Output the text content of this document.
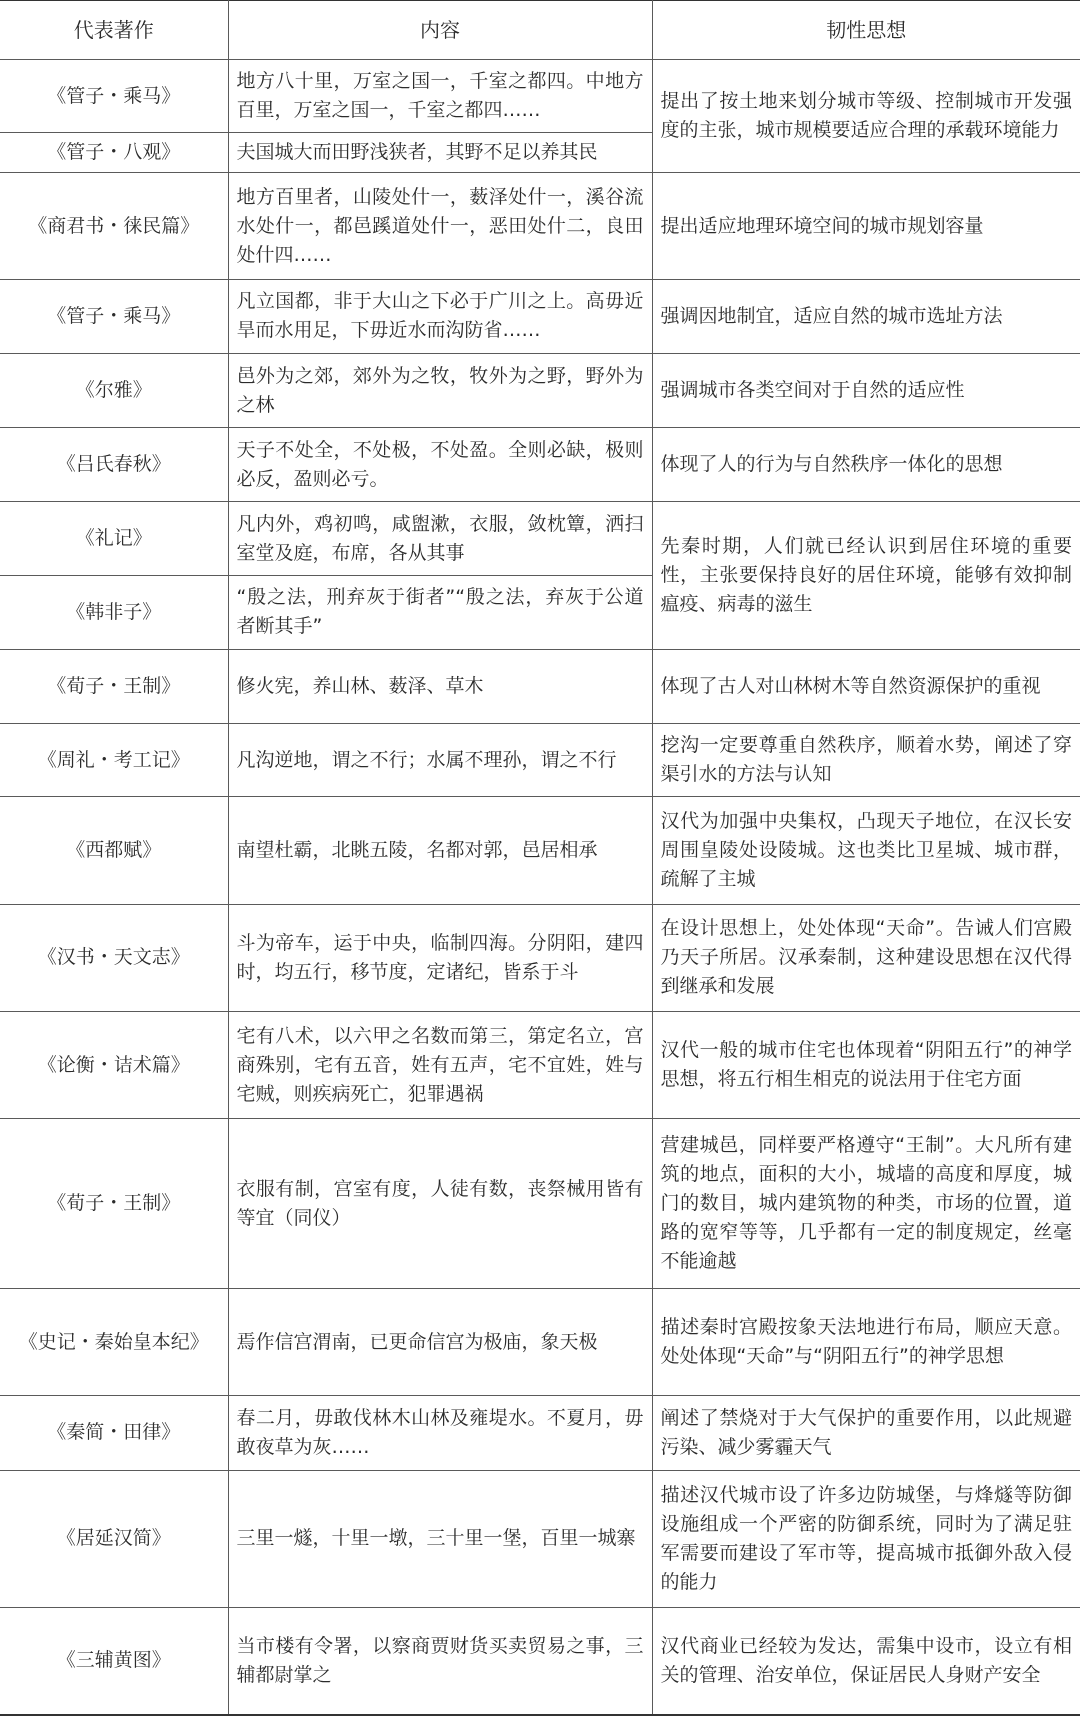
代表著作	内容	韧性思想
《管子・乘马》	地方八十里，万室之国一，千室之都四。中地方百里，万室之国一，千室之都四……	提出了按土地来划分城市等级、控制城市开发强度的主张，城市规模要适应合理的承载环境能力
《管子・八观》	夫国城大而田野浅狭者，其野不足以养其民	
《商君书・徕民篇》	地方百里者，山陵处什一，薮泽处什一，溪谷流水处什一，都邑蹊道处什一，恶田处什二，良田处什四……	提出适应地理环境空间的城市规划容量
《管子・乘马》	凡立国都，非于大山之下必于广川之上。高毋近旱而水用足，下毋近水而沟防省……	强调因地制宜，适应自然的城市选址方法
《尔雅》	邑外为之郊，郊外为之牧，牧外为之野，野外为之林	强调城市各类空间对于自然的适应性
《吕氏春秋》	天子不处全，不处极，不处盈。全则必缺，极则必反，盈则必亏。	体现了人的行为与自然秩序一体化的思想
《礼记》	凡内外，鸡初鸣，咸盥漱，衣服，敛枕簟，洒扫室堂及庭，布席，各从其事	先秦时期，人们就已经认识到居住环境的重要性，主张要保持良好的居住环境，能够有效抑制瘟疫、病毒的滋生
《韩非子》	“殷之法，刑弃灰于街者”“殷之法，弃灰于公道者断其手”	
《荀子・王制》	修火宪，养山林、薮泽、草木	体现了古人对山林树木等自然资源保护的重视
《周礼・考工记》	凡沟逆地，谓之不行；水属不理孙，谓之不行	挖沟一定要尊重自然秩序，顺着水势，阐述了穿渠引水的方法与认知
《西都赋》	南望杜霸，北眺五陵，名都对郭，邑居相承	汉代为加强中央集权，凸现天子地位，在汉长安周围皇陵处设陵城。这也类比卫星城、城市群，疏解了主城
《汉书・天文志》	斗为帝车，运于中央，临制四海。分阴阳，建四时，均五行，移节度，定诸纪，皆系于斗	在设计思想上，处处体现“天命”。告诫人们宫殿乃天子所居。汉承秦制，这种建设思想在汉代得到继承和发展
《论衡・诘术篇》	宅有八术，以六甲之名数而第三，第定名立，宫商殊别，宅有五音，姓有五声，宅不宜姓，姓与宅贼，则疾病死亡，犯罪遇祸	汉代一般的城市住宅也体现着“阴阳五行”的神学思想，将五行相生相克的说法用于住宅方面
《荀子・王制》	衣服有制，宫室有度，人徒有数，丧祭械用皆有等宜（同仪）	营建城邑，同样要严格遵守“王制”。大凡所有建筑的地点，面积的大小，城墙的高度和厚度，城门的数目，城内建筑物的种类，市场的位置，道路的宽窄等等，几乎都有一定的制度规定，丝毫不能逾越
《史记・秦始皇本纪》	焉作信宫渭南，已更命信宫为极庙，象天极	描述秦时宫殿按象天法地进行布局，顺应天意。处处体现“天命”与“阴阳五行”的神学思想
《秦简・田律》	春二月，毋敢伐林木山林及雍堤水。不夏月，毋敢夜草为灰……	阐述了禁烧对于大气保护的重要作用，以此规避污染、减少雾霾天气
《居延汉简》	三里一燧，十里一墩，三十里一堡，百里一城寨	描述汉代城市设了许多边防城堡，与烽燧等防御设施组成一个严密的防御系统，同时为了满足驻军需要而建设了军市等，提高城市抵御外敌入侵的能力
《三辅黄图》	当市楼有令署，以察商贾财货买卖贸易之事，三辅都尉掌之	汉代商业已经较为发达，需集中设市，设立有相关的管理、治安单位，保证居民人身财产安全
